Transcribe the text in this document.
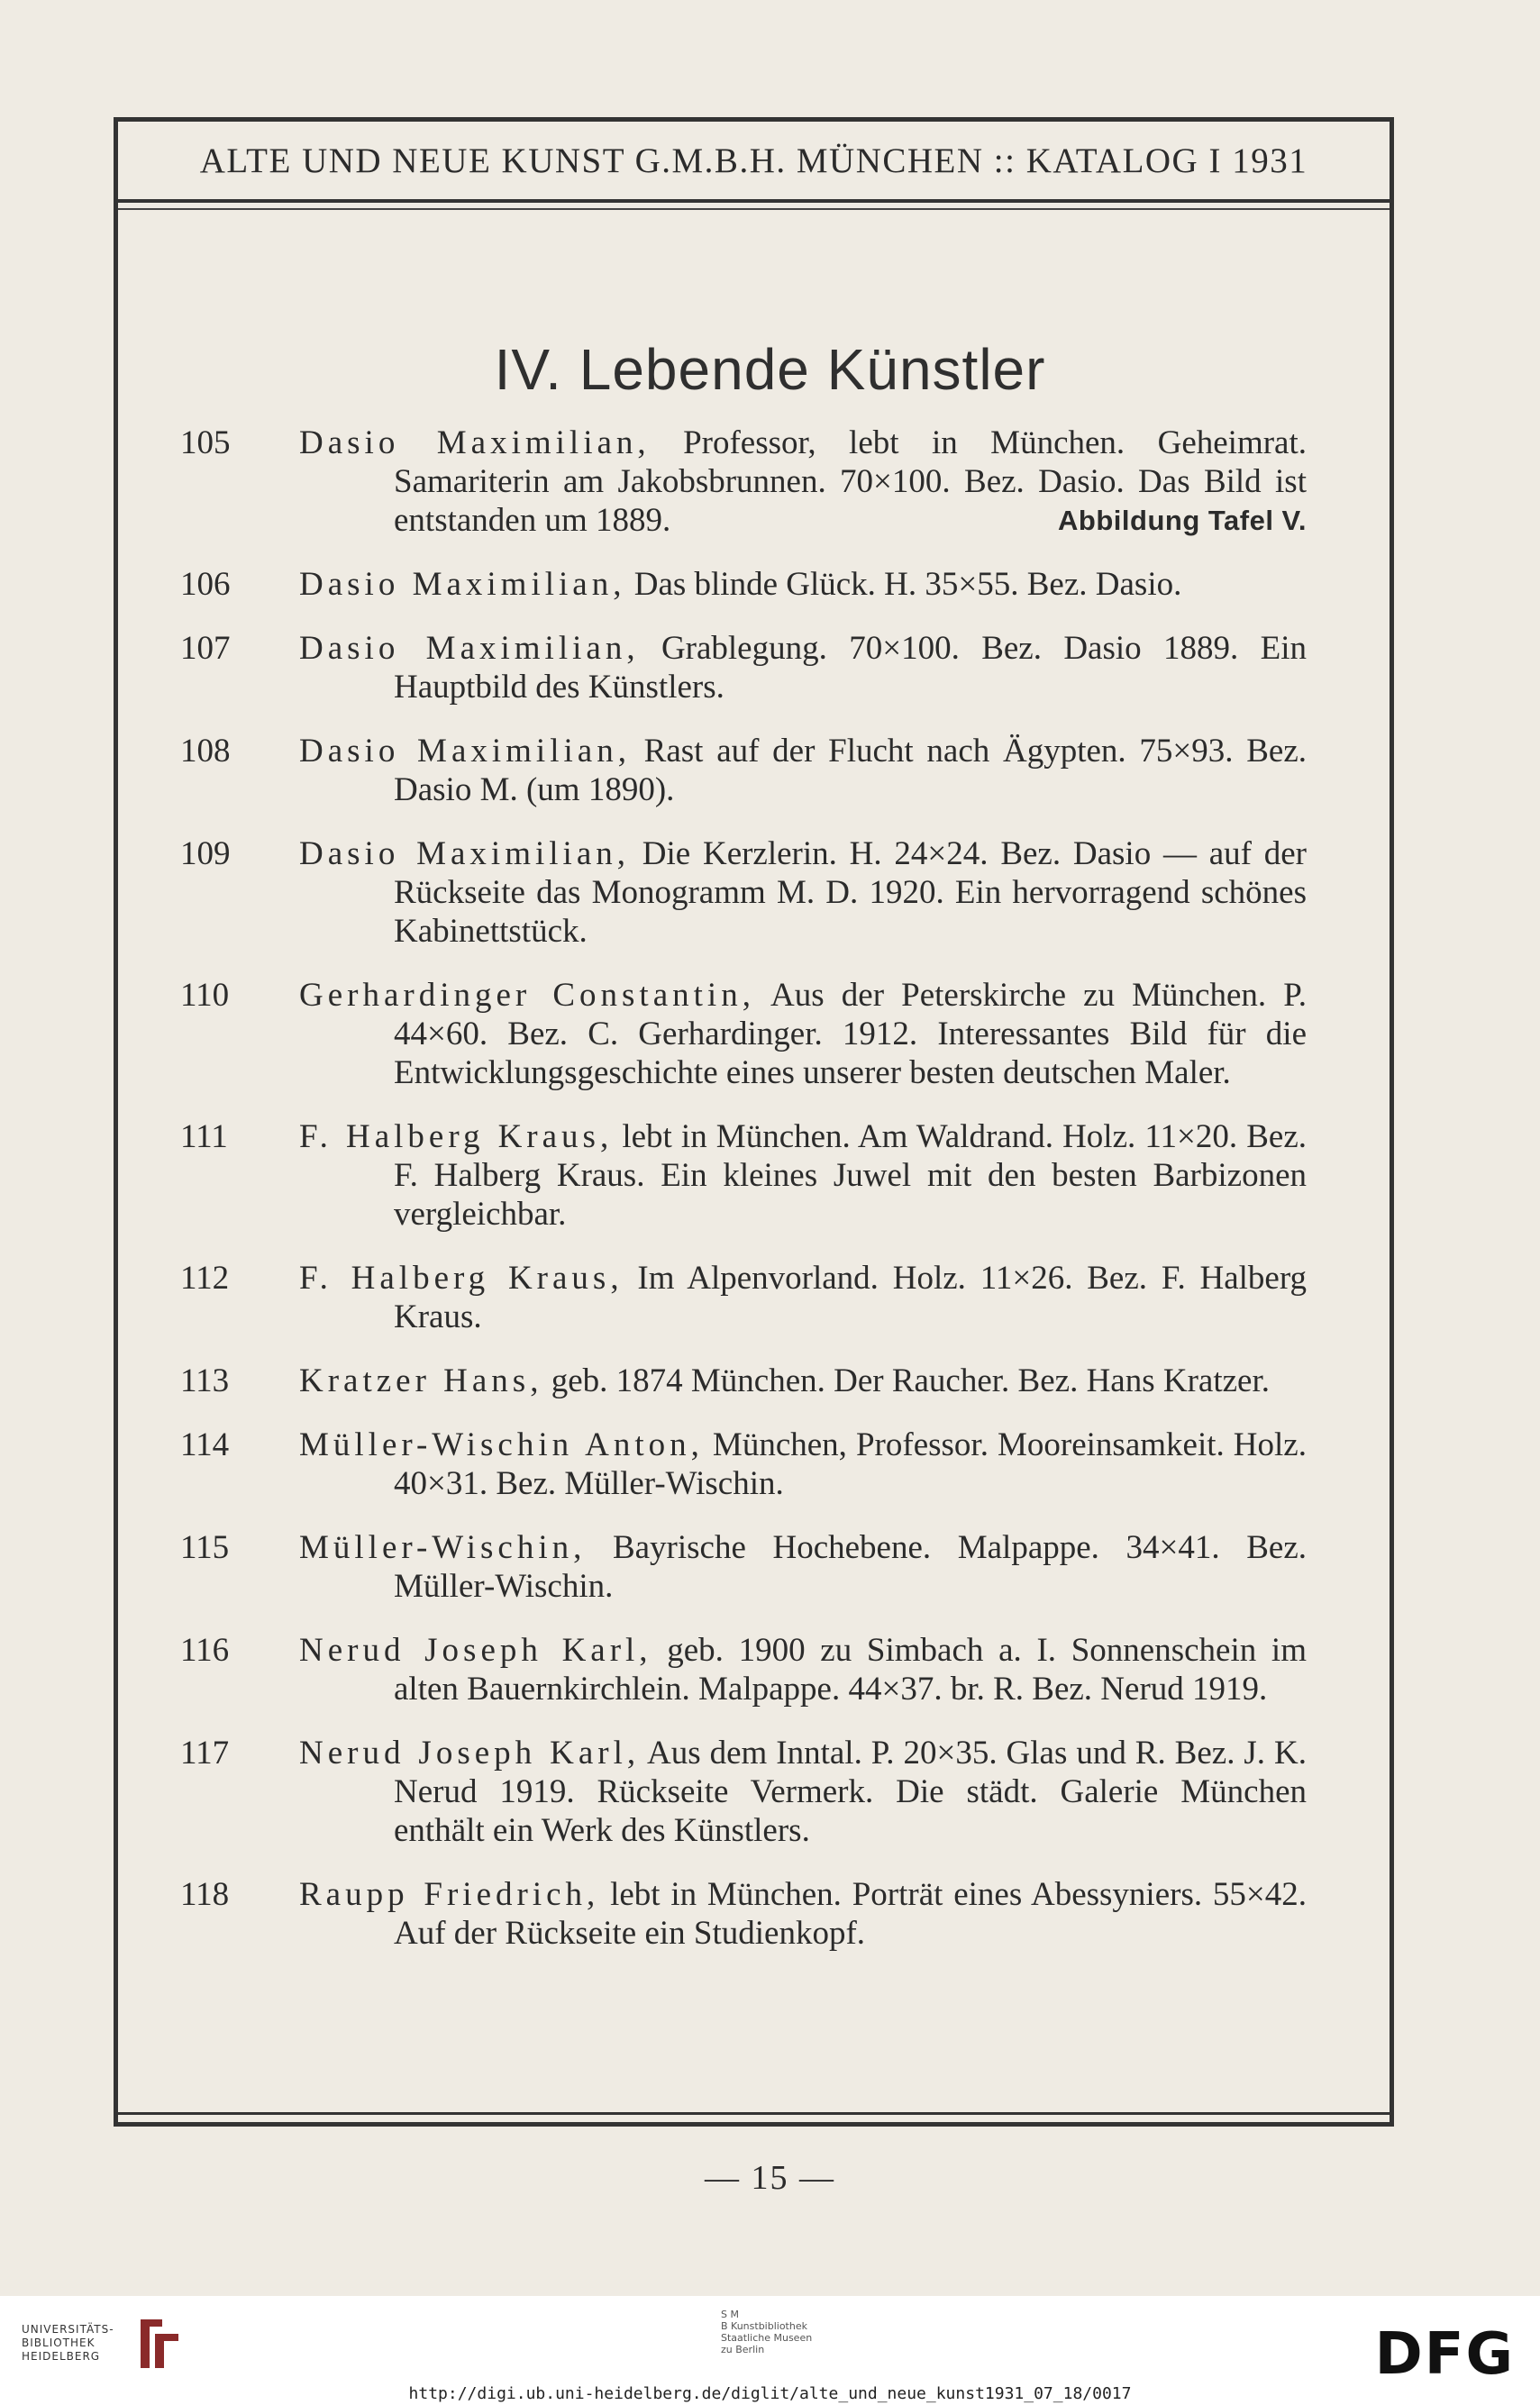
ALTE UND NEUE KUNST G.M.B.H. MÜNCHEN :: KATALOG I 1931
IV. Lebende Künstler
105	Dasio Maximilian, Professor, lebt in München. Geheimrat. Samariterin am Jakobsbrunnen. 70×100. Bez. Dasio. Das Bild ist entstanden um 1889.	Abbildung Tafel V.
106	Dasio Maximilian, Das blinde Glück. H. 35×55. Bez. Dasio.
107	Dasio Maximilian, Grablegung. 70×100. Bez. Dasio 1889. Ein Hauptbild des Künstlers.
108	Dasio Maximilian, Rast auf der Flucht nach Ägypten. 75×93. Bez. Dasio M. (um 1890).
109	Dasio Maximilian, Die Kerzlerin. H. 24×24. Bez. Dasio — auf der Rückseite das Monogramm M. D. 1920. Ein hervorragend schönes Kabinettstück.
110	Gerhardinger Constantin, Aus der Peterskirche zu München. P. 44×60. Bez. C. Gerhardinger. 1912. Interessantes Bild für die Entwicklungsgeschichte eines unserer besten deutschen Maler.
111	F. Halberg Kraus, lebt in München. Am Waldrand. Holz. 11×20. Bez. F. Halberg Kraus. Ein kleines Juwel mit den besten Barbizonen vergleichbar.
112	F. Halberg Kraus, Im Alpenvorland. Holz. 11×26. Bez. F. Halberg Kraus.
113	Kratzer Hans, geb. 1874 München. Der Raucher. Bez. Hans Kratzer.
114	Müller-Wischin Anton, München, Professor. Mooreinsamkeit. Holz. 40×31. Bez. Müller-Wischin.
115	Müller-Wischin, Bayrische Hochebene. Malpappe. 34×41. Bez. Müller-Wischin.
116	Nerud Joseph Karl, geb. 1900 zu Simbach a. I. Sonnenschein im alten Bauernkirchlein. Malpappe. 44×37. br. R. Bez. Nerud 1919.
117	Nerud Joseph Karl, Aus dem Inntal. P. 20×35. Glas und R. Bez. J. K. Nerud 1919. Rückseite Vermerk. Die städt. Galerie München enthält ein Werk des Künstlers.
118	Raupp Friedrich, lebt in München. Porträt eines Abessyniers. 55×42. Auf der Rückseite ein Studienkopf.
— 15 —
UNIVERSITÄTS-
BIBLIOTHEK
HEIDELBERG
S M
B Kunstbibliothek
Staatliche Museen
zu Berlin	DFG
http://digi.ub.uni-heidelberg.de/diglit/alte_und_neue_kunst1931_07_18/0017
